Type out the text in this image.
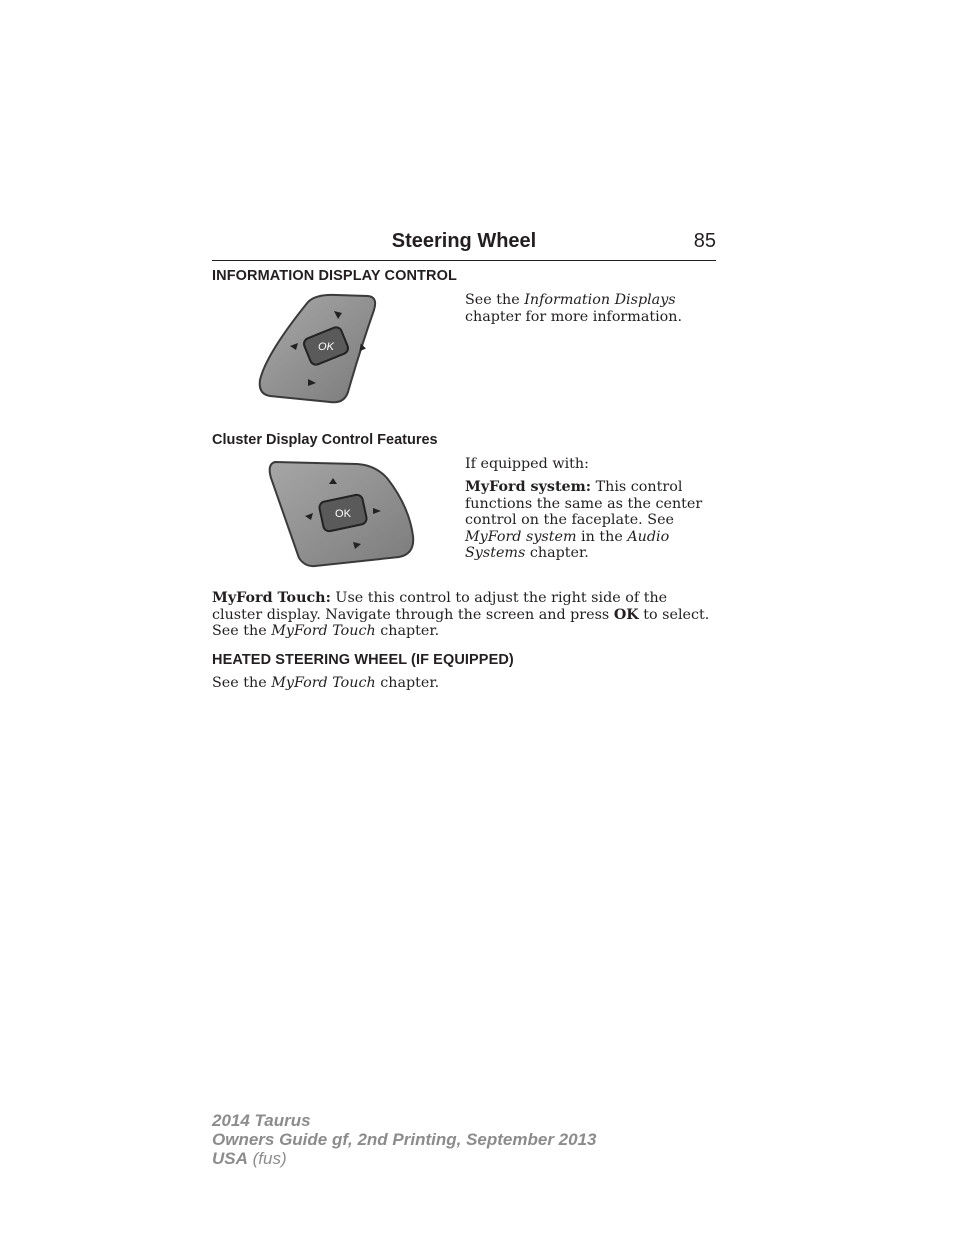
Steering Wheel	85
INFORMATION DISPLAY CONTROL
OK

See the Information Displays chapter for more information.

Cluster Display Control Features
OK

If equipped with:

MyFord system: This control functions the same as the center control on the faceplate. See MyFord system in the Audio Systems chapter.

MyFord Touch: Use this control to adjust the right side of the cluster display. Navigate through the screen and press OK to select. See the MyFord Touch chapter.

HEATED STEERING WHEEL (IF EQUIPPED)

See the MyFord Touch chapter.

2014 Taurus
Owners Guide gf, 2nd Printing, September 2013
USA (fus)
